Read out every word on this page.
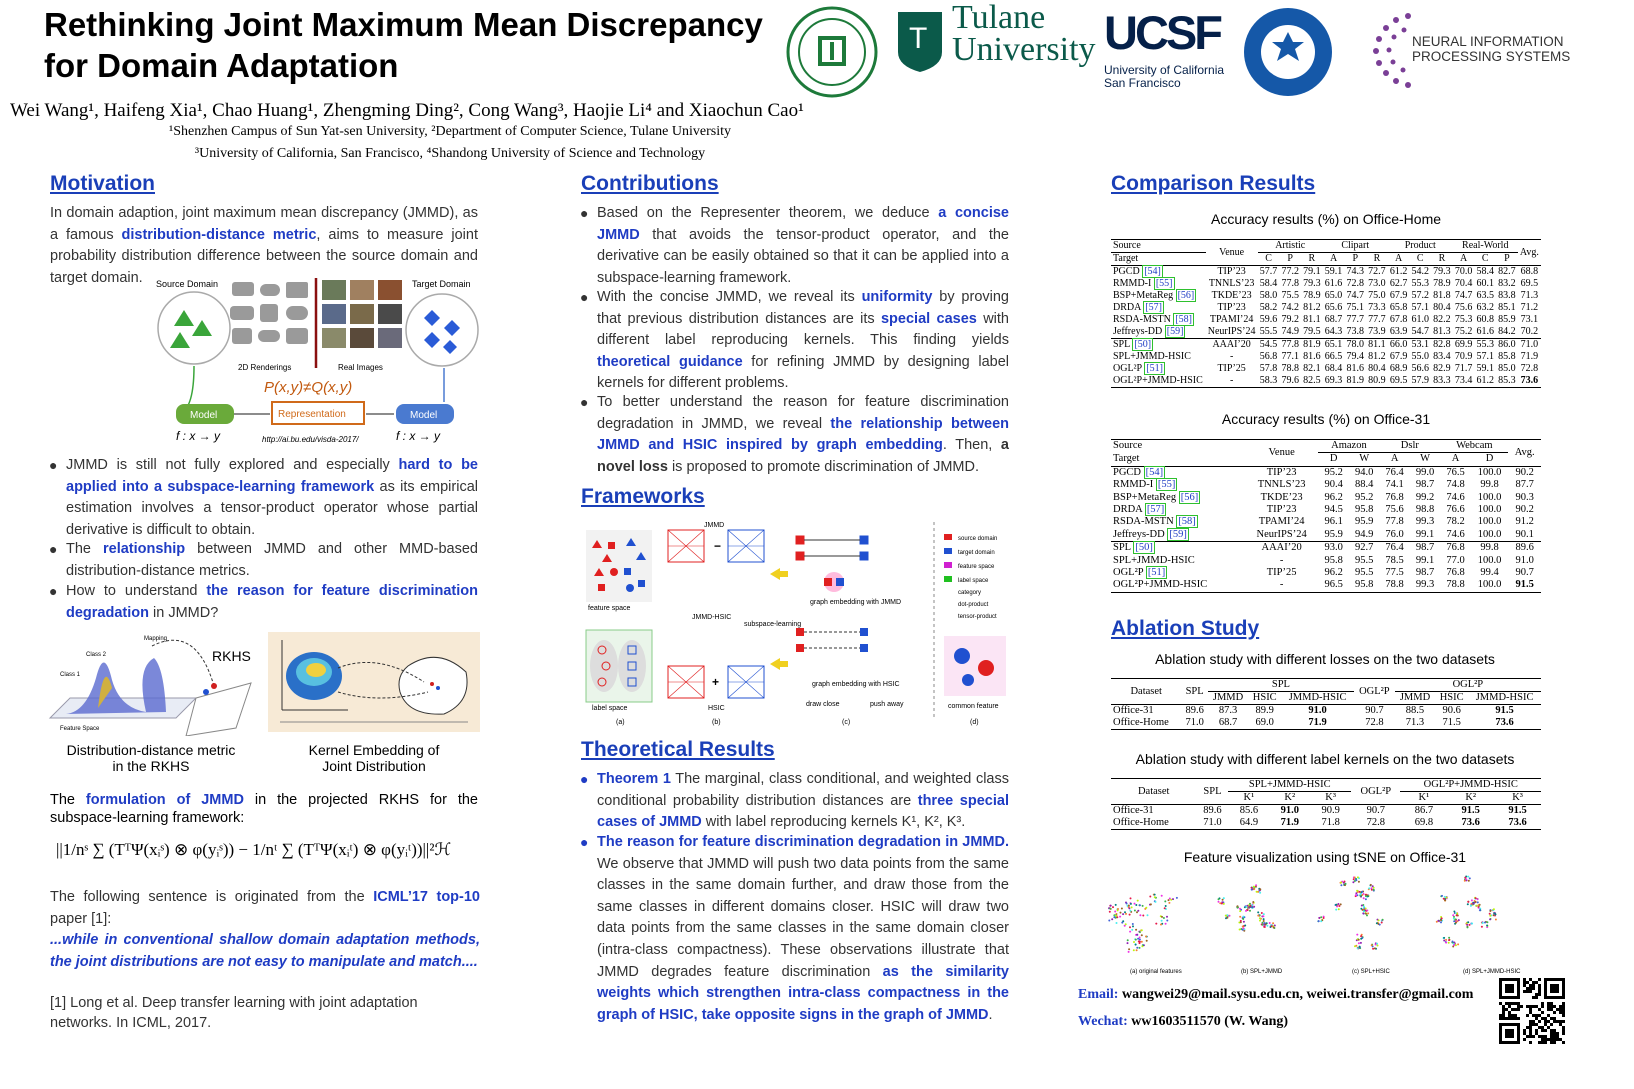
Rethinking Joint Maximum Mean Discrepancy
for Domain Adaptation
Wei Wang¹, Haifeng Xia¹, Chao Huang¹, Zhengming Ding², Cong Wang³, Haojie Li⁴ and Xiaochun Cao¹
¹Shenzhen Campus of Sun Yat-sen University, ²Department of Computer Science, Tulane University
³University of California, San Francisco, ⁴Shandong University of Science and Technology
T
Tulane
University UCSF
University of California
San Francisco
NEURAL INFORMATION
PROCESSING SYSTEMS
Motivation
In domain adaption, joint maximum mean discrepancy (JMMD), as a famous distribution-distance metric, aims to measure joint probability distribution difference between the source domain and target domain.	Source Domain	Target Domain
2D Renderings	Real Images
P(x,y)≠Q(x,y)
Model	Representation	Model
f : x → y	http://ai.bu.edu/visda-2017/	f : x → y
● JMMD is still not fully explored and especially hard to be applied into a subspace-learning framework as its empirical estimation involves a tensor-product operator whose partial derivative is difficult to obtain.
● The relationship between JMMD and other MMD-based distribution-distance metrics.
● How to understand the reason for feature discrimination degradation in JMMD?
RKHS
Class 1
Class 2
Mapping
Feature Space
Distribution-distance metric
in the RKHS
Kernel Embedding of
Joint Distribution
The formulation of JMMD in the projected RKHS for the subspace-learning framework:
||1/nˢ ∑ (TᵀΨ(xᵢˢ) ⊗ φ(yᵢˢ)) − 1/nᵗ ∑ (TᵀΨ(xᵢᵗ) ⊗ φ(yᵢᵗ))||²ℋ
The following sentence is originated from the ICML’17 top-10 paper [1]:
...while in conventional shallow domain adaptation methods, the joint distributions are not easy to manipulate and match....
[1] Long et al. Deep transfer learning with joint adaptation networks. In ICML, 2017.
Contributions
● Based on the Representer theorem, we deduce a concise JMMD that avoids the tensor-product operator, and the derivative can be easily obtained so that it can be applied into a subspace-learning framework.
● With the concise JMMD, we reveal its uniformity by proving that previous distribution distances are its special cases with different label reproducing kernels. This finding yields theoretical guidance for refining JMMD by designing label kernels for different problems.
● To better understand the reason for feature discrimination degradation in JMMD, we reveal the relationship between JMMD and HSIC inspired by graph embedding. Then, a novel loss is proposed to promote discrimination of JMMD.
Frameworks
feature space
label space
(a)
−
JMMD
JMMD-HSIC
subspace-learning
+
HSIC
(b)
graph embedding with JMMD
graph embedding with HSIC
draw close	push away
(c)
source domain
target domain
feature space
label space
category
dot-product
tensor-product
common feature
(d)
Theoretical Results
● Theorem 1 The marginal, class conditional, and weighted class conditional probability distribution distances are three special cases of JMMD with label reproducing kernels K¹, K², K³.
● The reason for feature discrimination degradation in JMMD. We observe that JMMD will push two data points from the same classes in the same domain further, and draw those from the same classes in different domains closer. HSIC will draw two data points from the same classes in the same domain closer (intra-class compactness). These observations illustrate that JMMD degrades feature discrimination as the similarity weights which strengthen intra-class compactness in the graph of HSIC, take opposite signs in the graph of JMMD.
Comparison Results
Accuracy results (%) on Office-Home
Source	Venue	Artistic			Clipart			Product			Real-World			Avg.
Target		C	P	R	A	P	R	A	C	R	A	C	P	
PGCD [54]	TIP’23	57.7	77.2	79.1	59.1	74.3	72.7	61.2	54.2	79.3	70.0	58.4	82.7	68.8
RMMD-I [55]	TNNLS’23	58.4	77.8	79.3	61.6	72.8	73.0	62.7	55.3	78.9	70.4	60.1	83.2	69.5
BSP+MetaReg [56]	TKDE’23	58.0	75.5	78.9	65.0	74.7	75.0	67.9	57.2	81.8	74.7	63.5	83.8	71.3
DRDA [57]	TIP’23	58.2	74.2	81.2	65.6	75.1	73.3	65.8	57.1	80.4	75.6	63.2	85.1	71.2
RSDA-MSTN [58]	TPAMI’24	59.6	79.2	81.1	68.7	77.7	77.7	67.8	61.0	82.2	75.3	60.8	85.9	73.1
Jeffreys-DD [59]	NeurIPS’24	55.5	74.9	79.5	64.3	73.8	73.9	63.9	54.7	81.3	75.2	61.6	84.2	70.2
SPL [50]	AAAI’20	54.5	77.8	81.9	65.1	78.0	81.1	66.0	53.1	82.8	69.9	55.3	86.0	71.0
SPL+JMMD-HSIC	-	56.8	77.1	81.6	66.5	79.4	81.2	67.9	55.0	83.4	70.9	57.1	85.8	71.9
OGL²P [51]	TIP’25	57.8	78.8	82.1	68.4	81.6	80.4	68.9	56.6	82.9	71.7	59.1	85.0	72.8
OGL²P+JMMD-HSIC	-	58.3	79.6	82.5	69.3	81.9	80.9	69.5	57.9	83.3	73.4	61.2	85.3	73.6
Accuracy results (%) on Office-31
Source	Venue	Amazon		Dslr		Webcam		Avg.
Target		D	W	A	W	A	D	
PGCD [54]	TIP’23	95.2	94.0	76.4	99.0	76.5	100.0	90.2
RMMD-I [55]	TNNLS’23	90.4	88.4	74.1	98.7	74.8	99.8	87.7
BSP+MetaReg [56]	TKDE’23	96.2	95.2	76.8	99.2	74.6	100.0	90.3
DRDA [57]	TIP’23	94.5	95.8	75.6	98.8	76.6	100.0	90.2
RSDA-MSTN [58]	TPAMI’24	96.1	95.9	77.8	99.3	78.2	100.0	91.2
Jeffreys-DD [59]	NeurIPS’24	95.9	94.9	76.0	99.1	74.6	100.0	90.1
SPL [50]	AAAI’20	93.0	92.7	76.4	98.7	76.8	99.8	89.6
SPL+JMMD-HSIC	-	95.8	95.5	78.5	99.1	77.0	100.0	91.0
OGL²P [51]	TIP’25	96.2	95.5	77.5	98.7	76.8	99.4	90.7
OGL²P+JMMD-HSIC	-	96.5	95.8	78.8	99.3	78.8	100.0	91.5
Ablation Study
Ablation study with different losses on the two datasets
Dataset	SPL	SPL			OGL²P	OGL²P		
		JMMD	HSIC	JMMD-HSIC		JMMD	HSIC	JMMD-HSIC
Office-31	89.6	87.3	89.9	91.0	90.7	88.5	90.6	91.5
Office-Home	71.0	68.7	69.0	71.9	72.8	71.3	71.5	73.6
Ablation study with different label kernels on the two datasets
Dataset	SPL	SPL+JMMD-HSIC			OGL²P	OGL²P+JMMD-HSIC		
		K¹	K²	K³		K¹	K²	K³
Office-31	89.6	85.6	91.0	90.9	90.7	86.7	91.5	91.5
Office-Home	71.0	64.9	71.9	71.8	72.8	69.8	73.6	73.6
Feature visualization using tSNE on Office-31
(a) original features	(b) SPL+JMMD	(c) SPL+HSIC	(d) SPL+JMMD-HSIC
Email: wangwei29@mail.sysu.edu.cn, weiwei.transfer@gmail.com
Wechat: ww1603511570 (W. Wang)
